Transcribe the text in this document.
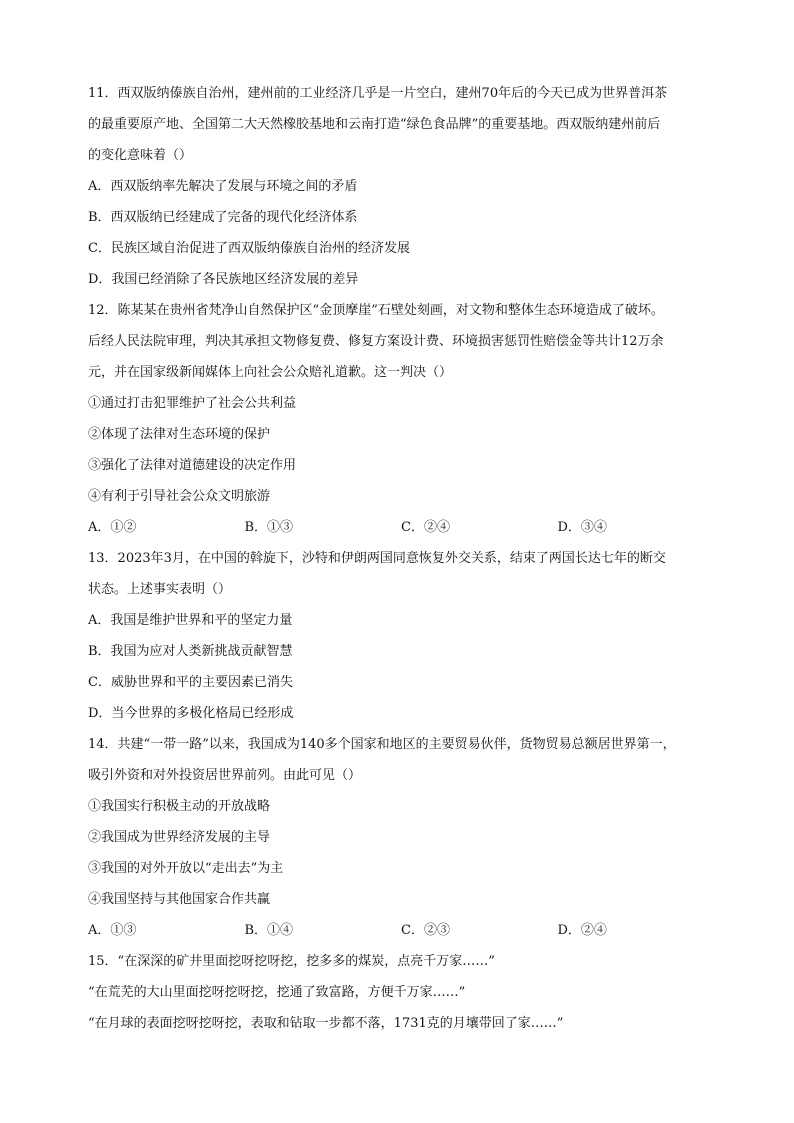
11．西双版纳傣族自治州，建州前的工业经济几乎是一片空白，建州70年后的今天已成为世界普洱茶
的最重要原产地、全国第二大天然橡胶基地和云南打造“绿色食品牌”的重要基地。西双版纳建州前后
的变化意味着（）
A．西双版纳率先解决了发展与环境之间的矛盾
B．西双版纳已经建成了完备的现代化经济体系
C．民族区域自治促进了西双版纳傣族自治州的经济发展
D．我国已经消除了各民族地区经济发展的差异
12．陈某某在贵州省梵净山自然保护区“金顶摩崖”石壁处刻画，对文物和整体生态环境造成了破坏。
后经人民法院审理，判决其承担文物修复费、修复方案设计费、环境损害惩罚性赔偿金等共计12万余
元，并在国家级新闻媒体上向社会公众赔礼道歉。这一判决（）
①通过打击犯罪维护了社会公共利益
②体现了法律对生态环境的保护
③强化了法律对道德建设的决定作用
④有利于引导社会公众文明旅游
A．①②	B．①③	C．②④	D．③④
13．2023年3月，在中国的斡旋下，沙特和伊朗两国同意恢复外交关系，结束了两国长达七年的断交
状态。上述事实表明（）
A．我国是维护世界和平的坚定力量
B．我国为应对人类新挑战贡献智慧
C．威胁世界和平的主要因素已消失
D．当今世界的多极化格局已经形成
14．共建“一带一路”以来，我国成为140多个国家和地区的主要贸易伙伴，货物贸易总额居世界第一，
吸引外资和对外投资居世界前列。由此可见（）
①我国实行积极主动的开放战略
②我国成为世界经济发展的主导
③我国的对外开放以“走出去”为主
④我国坚持与其他国家合作共赢
A．①③	B．①④	C．②③	D．②④
15．“在深深的矿井里面挖呀挖呀挖，挖多多的煤炭，点亮千万家……”
“在荒芜的大山里面挖呀挖呀挖，挖通了致富路，方便千万家……”
“在月球的表面挖呀挖呀挖，表取和钻取一步都不落，1731克的月壤带回了家……”
